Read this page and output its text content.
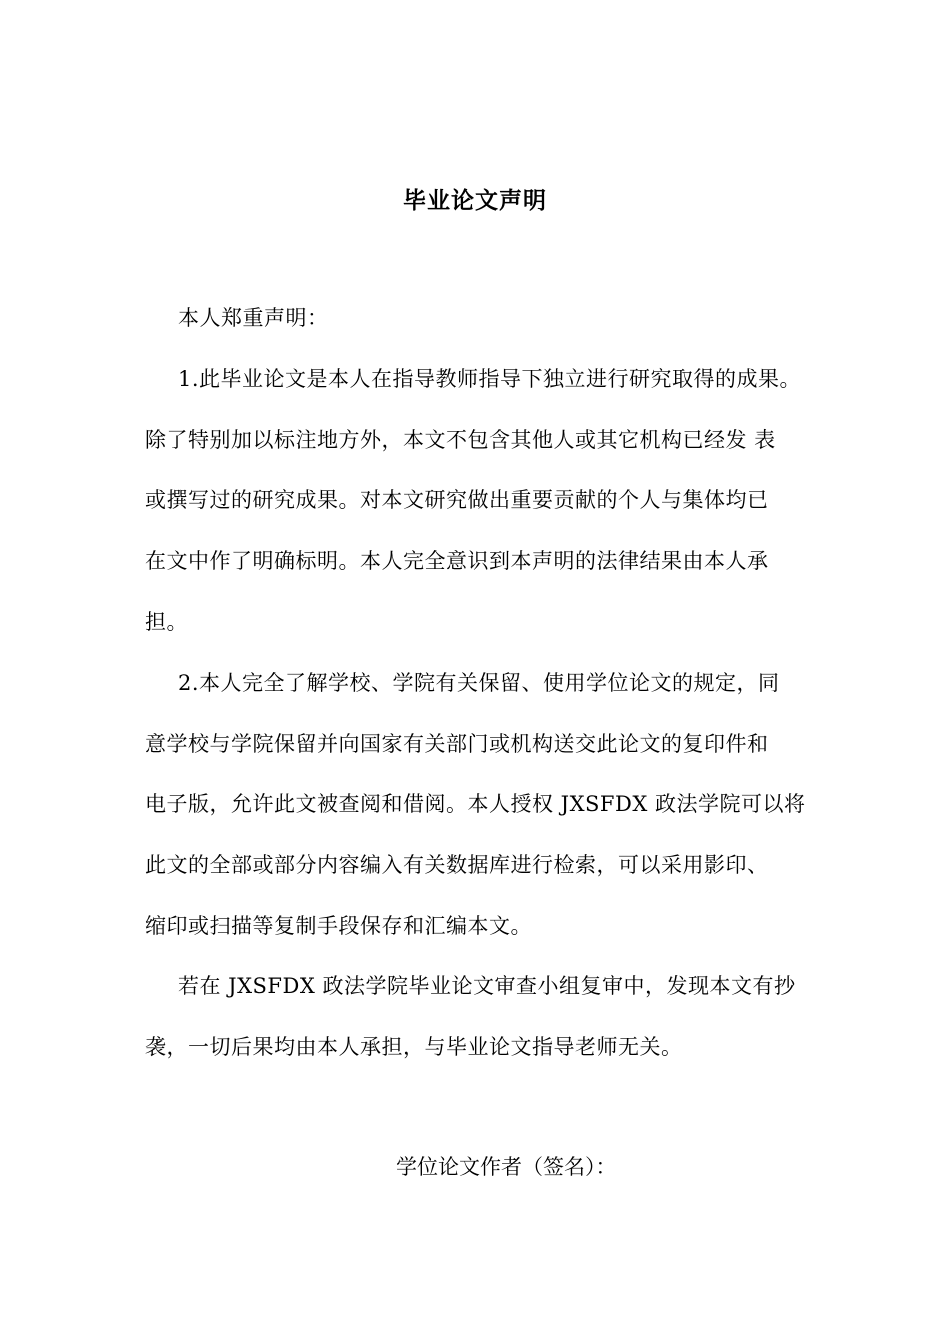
毕业论文声明
本人郑重声明：
1.此毕业论文是本人在指导教师指导下独立进行研究取得的成果。
除了特别加以标注地方外，本文不包含其他人或其它机构已经发 表
或撰写过的研究成果。对本文研究做出重要贡献的个人与集体均已
在文中作了明确标明。本人完全意识到本声明的法律结果由本人承
担。
2.本人完全了解学校、学院有关保留、使用学位论文的规定，同
意学校与学院保留并向国家有关部门或机构送交此论文的复印件和
电子版，允许此文被查阅和借阅。本人授权 JXSFDX 政法学院可以将
此文的全部或部分内容编入有关数据库进行检索，可以采用影印、
缩印或扫描等复制手段保存和汇编本文。
若在 JXSFDX 政法学院毕业论文审查小组复审中，发现本文有抄
袭，一切后果均由本人承担，与毕业论文指导老师无关。
学位论文作者（签名）：
